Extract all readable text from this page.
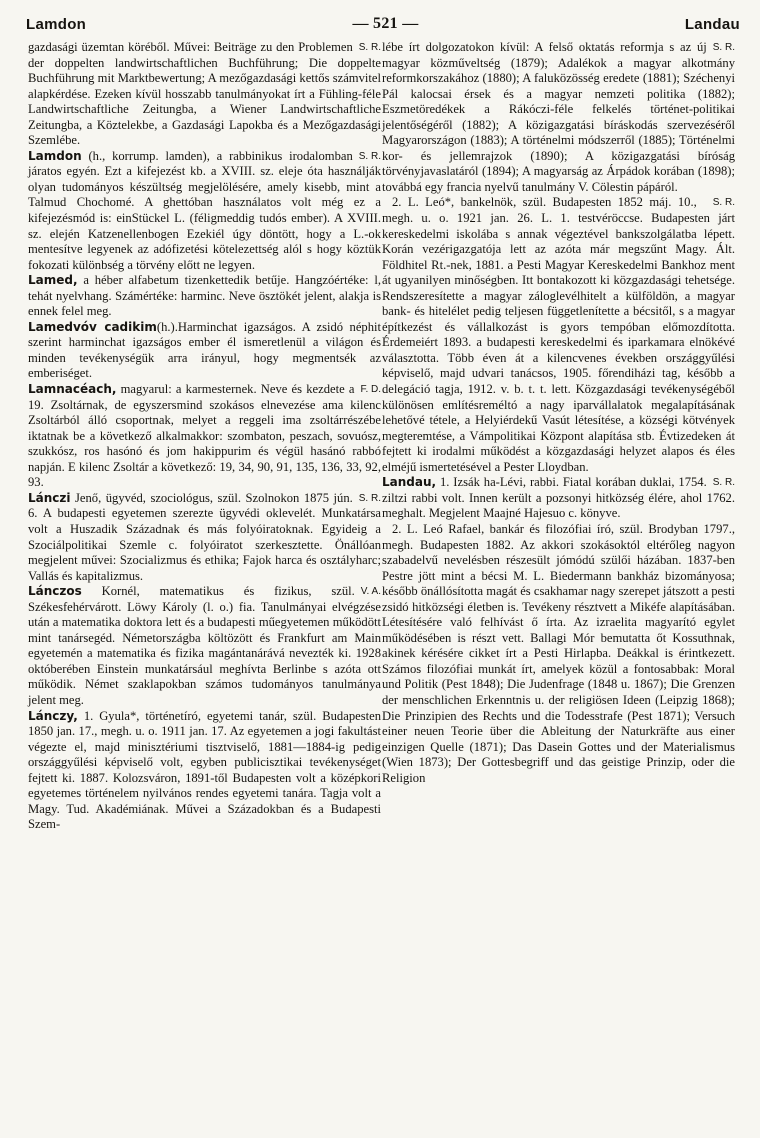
Lamdon	— 521 —	Landau

S. R.
gazdasági üzemtan köréből. Művei: Beiträge zu den Problemen der doppelten landwirtschaftlichen Buchführung; Die doppelte Buchführung mit Marktbewertung; A mezőgazdasági kettős számvitel alapkérdése. Ezeken kívül hosszabb tanulmányokat írt a Fühling-féle Landwirtschaftliche Zeitungba, a Wiener Landwirtschaftliche Zeitungba, a Köztelekbe, a Gazdasági Lapokba és a Mezőgazdasági Szemlébe.

S. R.
Lamdon (h., korrump. lamden), a rabbinikus irodalomban járatos egyén. Ezt a kifejezést kb. a XVIII. sz. eleje óta használják olyan tudományos készültség megjelölésére, amely kisebb, mint a Talmud Chochomé. A ghettóban használatos volt még ez a kifejezésmód is: einStückel L. (féligmeddig tudós ember). A XVIII. sz. elején Katzenellenbogen Ezekiél úgy döntött, hogy a L.-ok mentesítve legyenek az adófizetési kötelezettség alól s hogy köztük fokozati különbség a törvény előtt ne legyen.

Lamed, a héber alfabetum tizenkettedik betűje. Hangzóértéke: l, tehát nyelvhang. Számértéke: harminc. Neve ösztökét jelent, alakja is ennek felel meg.

Lamedvóv cadikim(h.).Harminchat igazságos. A zsidó néphit szerint harminchat igazságos ember él ismeretlenül a világon és minden tevékenységük arra irányul, hogy megmentsék az emberiséget.

F. D.
Lamnacéach, magyarul: a karmesternek. Neve és kezdete a 19. Zsoltárnak, de egyszersmind szokásos elnevezése ama kilenc Zsoltárból álló csoportnak, melyet a reggeli ima zsoltárrészébe iktatnak be a következő alkalmakkor: szombaton, peszach, sovuósz, szukkósz, ros hasónó és jom hakippurim és végül hasánó rabbó napján. E kilenc Zsoltár a következő: 19, 34, 90, 91, 135, 136, 33, 92, 93.

S. R.
Lánczi Jenő, ügyvéd, szociológus, szül. Szolnokon 1875 jún. 6. A budapesti egyetemen szerezte ügyvédi oklevelét. Munkatársa volt a Huszadik Századnak és más folyóiratoknak. Egyideig a Szociálpolitikai Szemle c. folyóiratot szerkesztette. Önállóan megjelent művei: Szocializmus és ethika; Fajok harca és osztályharc; Vallás és kapitalizmus.

V. A.
Lánczos Kornél, matematikus és fizikus, szül. Székesfehérvárott. Löwy Károly (l. o.) fia. Tanulmányai elvégzése után a matematika doktora lett és a budapesti műegyetemen működött mint tanársegéd. Németországba költözött és Frankfurt am Main egyetemén a matematika és fizika magántanárává nevezték ki. 1928 októberében Einstein munkatársául meghívta Berlinbe s azóta ott működik. Német szaklapokban számos tudományos tanulmánya jelent meg.

Lánczy, 1. Gyula*, történetíró, egyetemi tanár, szül. Budapesten 1850 jan. 17., megh. u. o. 1911 jan. 17. Az egyetemen a jogi fakultást végezte el, majd minisztériumi tisztviselő, 1881—1884-ig pedig országgyűlési képviselő volt, egyben publicisztikai tevékenységet fejtett ki. 1887. Kolozsváron, 1891-től Budapesten volt a középkori egyetemes történelem nyilvános rendes egyetemi tanára. Tagja volt a Magy. Tud. Akadémiának. Művei a Századokban és a Budapesti Szem-

S. R.
lébe írt dolgozatokon kívül: A felső oktatás reformja s az új magyar közműveltség (1879); Adalékok a magyar alkotmány reformkorszakához (1880); A faluközösség eredete (1881); Széchenyi Pál kalocsai érsek és a magyar nemzeti politika (1882); Eszmetöredékek a Rákóczi-féle felkelés történet-politikai jelentőségéről (1882); A közigazgatási bíráskodás szervezéséről Magyarországon (1883); A történelmi módszerről (1885); Történelmi kor- és jellemrajzok (1890); A közigazgatási bíróság törvényjavaslatáról (1894); A magyarság az Árpádok korában (1898); továbbá egy francia nyelvű tanulmány V. Cölestin pápáról.

S. R.
2. L. Leó*, bankelnök, szül. Budapesten 1852 máj. 10., megh. u. o. 1921 jan. 26. L. 1. testvéröccse. Budapesten járt kereskedelmi iskolába s annak végeztével bankszolgálatba lépett. Korán vezérigazgatója lett az azóta már megszűnt Magy. Ált. Földhitel Rt.-nek, 1881. a Pesti Magyar Kereskedelmi Bankhoz ment át ugyanilyen minőségben. Itt bontakozott ki közgazdasági tehetsége. Rendszeresítette a magyar záloglevélhitelt a külföldön, a magyar bank- és hitelélet pedig teljesen függetlenítette a bécsitől, s a magyar építkezést és vállalkozást is gyors tempóban előmozdította. Érdemeiért 1893. a budapesti kereskedelmi és iparkamara elnökévé választotta. Több éven át a kilencvenes években országgyűlési képviselő, majd udvari tanácsos, 1905. főrendiházi tag, később a delegáció tagja, 1912. v. b. t. t. lett. Közgazdasági tevékenységéből különösen említésreméltó a nagy iparvállalatok megalapításának lehetővé tétele, a Helyiérdekű Vasút létesítése, a községi kötvények megteremtése, a Vámpolitikai Központ alapítása stb. Évtizedeken át fejtett ki irodalmi működést a közgazdasági helyzet alapos és éles elméjű ismertetésével a Pester Lloydban.

S. R.
Landau, 1. Izsák ha-Lévi, rabbi. Fiatal korában duklai, 1754. ziltzi rabbi volt. Innen került a pozsonyi hitközség élére, ahol 1762. meghalt. Megjelent Maajné Hajesuo c. könyve.

2. L. Leó Rafael, bankár és filozófiai író, szül. Brodyban 1797., megh. Budapesten 1882. Az akkori szokásoktól eltérőleg nagyon szabadelvű nevelésben részesült jómódú szülői házában. 1837-ben Pestre jött mint a bécsi M. L. Biedermann bankház bizományosa; később önállósította magát és csakhamar nagy szerepet játszott a pesti zsidó hitközségi életben is. Tevékeny résztvett a Mikéfe alapításában. Létesítésére való felhívást ő írta. Az izraelita magyarító egylet működésében is részt vett. Ballagi Mór bemutatta őt Kossuthnak, akinek kérésére cikket írt a Pesti Hirlapba. Deákkal is érintkezett. Számos filozófiai munkát írt, amelyek közül a fontosabbak: Moral und Politik (Pest 1848); Die Judenfrage (1848 u. 1867); Die Grenzen der menschlichen Erkenntnis u. der religiösen Ideen (Leipzig 1868); Die Prinzipien des Rechts und die Todesstrafe (Pest 1871); Versuch einer neuen Teorie über die Ableitung der Naturkräfte aus einer einzigen Quelle (1871); Das Dasein Gottes und der Materialismus (Wien 1873); Der Gottesbegriff und das geistige Prinzip, oder die Religion
